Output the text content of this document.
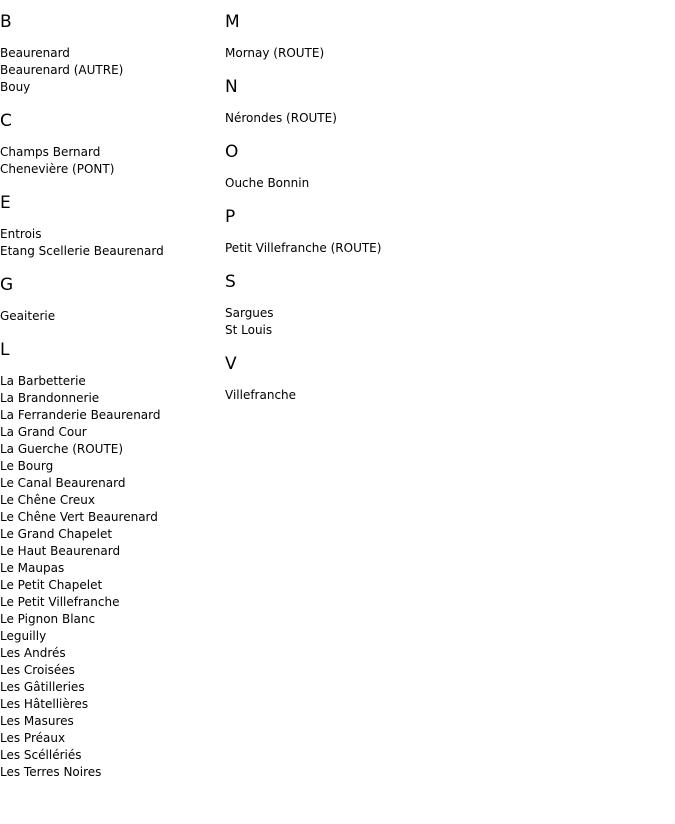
B
Beaurenard
Beaurenard (AUTRE)
Bouy
C
Champs Bernard
Chenevière (PONT)
E
Entrois
Etang Scellerie Beaurenard
G
Geaiterie
L
La Barbetterie
La Brandonnerie
La Ferranderie Beaurenard
La Grand Cour
La Guerche (ROUTE)
Le Bourg
Le Canal Beaurenard
Le Chêne Creux
Le Chêne Vert Beaurenard
Le Grand Chapelet
Le Haut Beaurenard
Le Maupas
Le Petit Chapelet
Le Petit Villefranche
Le Pignon Blanc
Leguilly
Les Andrés
Les Croisées
Les Gâtilleries
Les Hâtellières
Les Masures
Les Préaux
Les Scéllériés
Les Terres Noires
M
Mornay (ROUTE)
N
Nérondes (ROUTE)
O
Ouche Bonnin
P
Petit Villefranche (ROUTE)
S
Sargues
St Louis
V
Villefranche
